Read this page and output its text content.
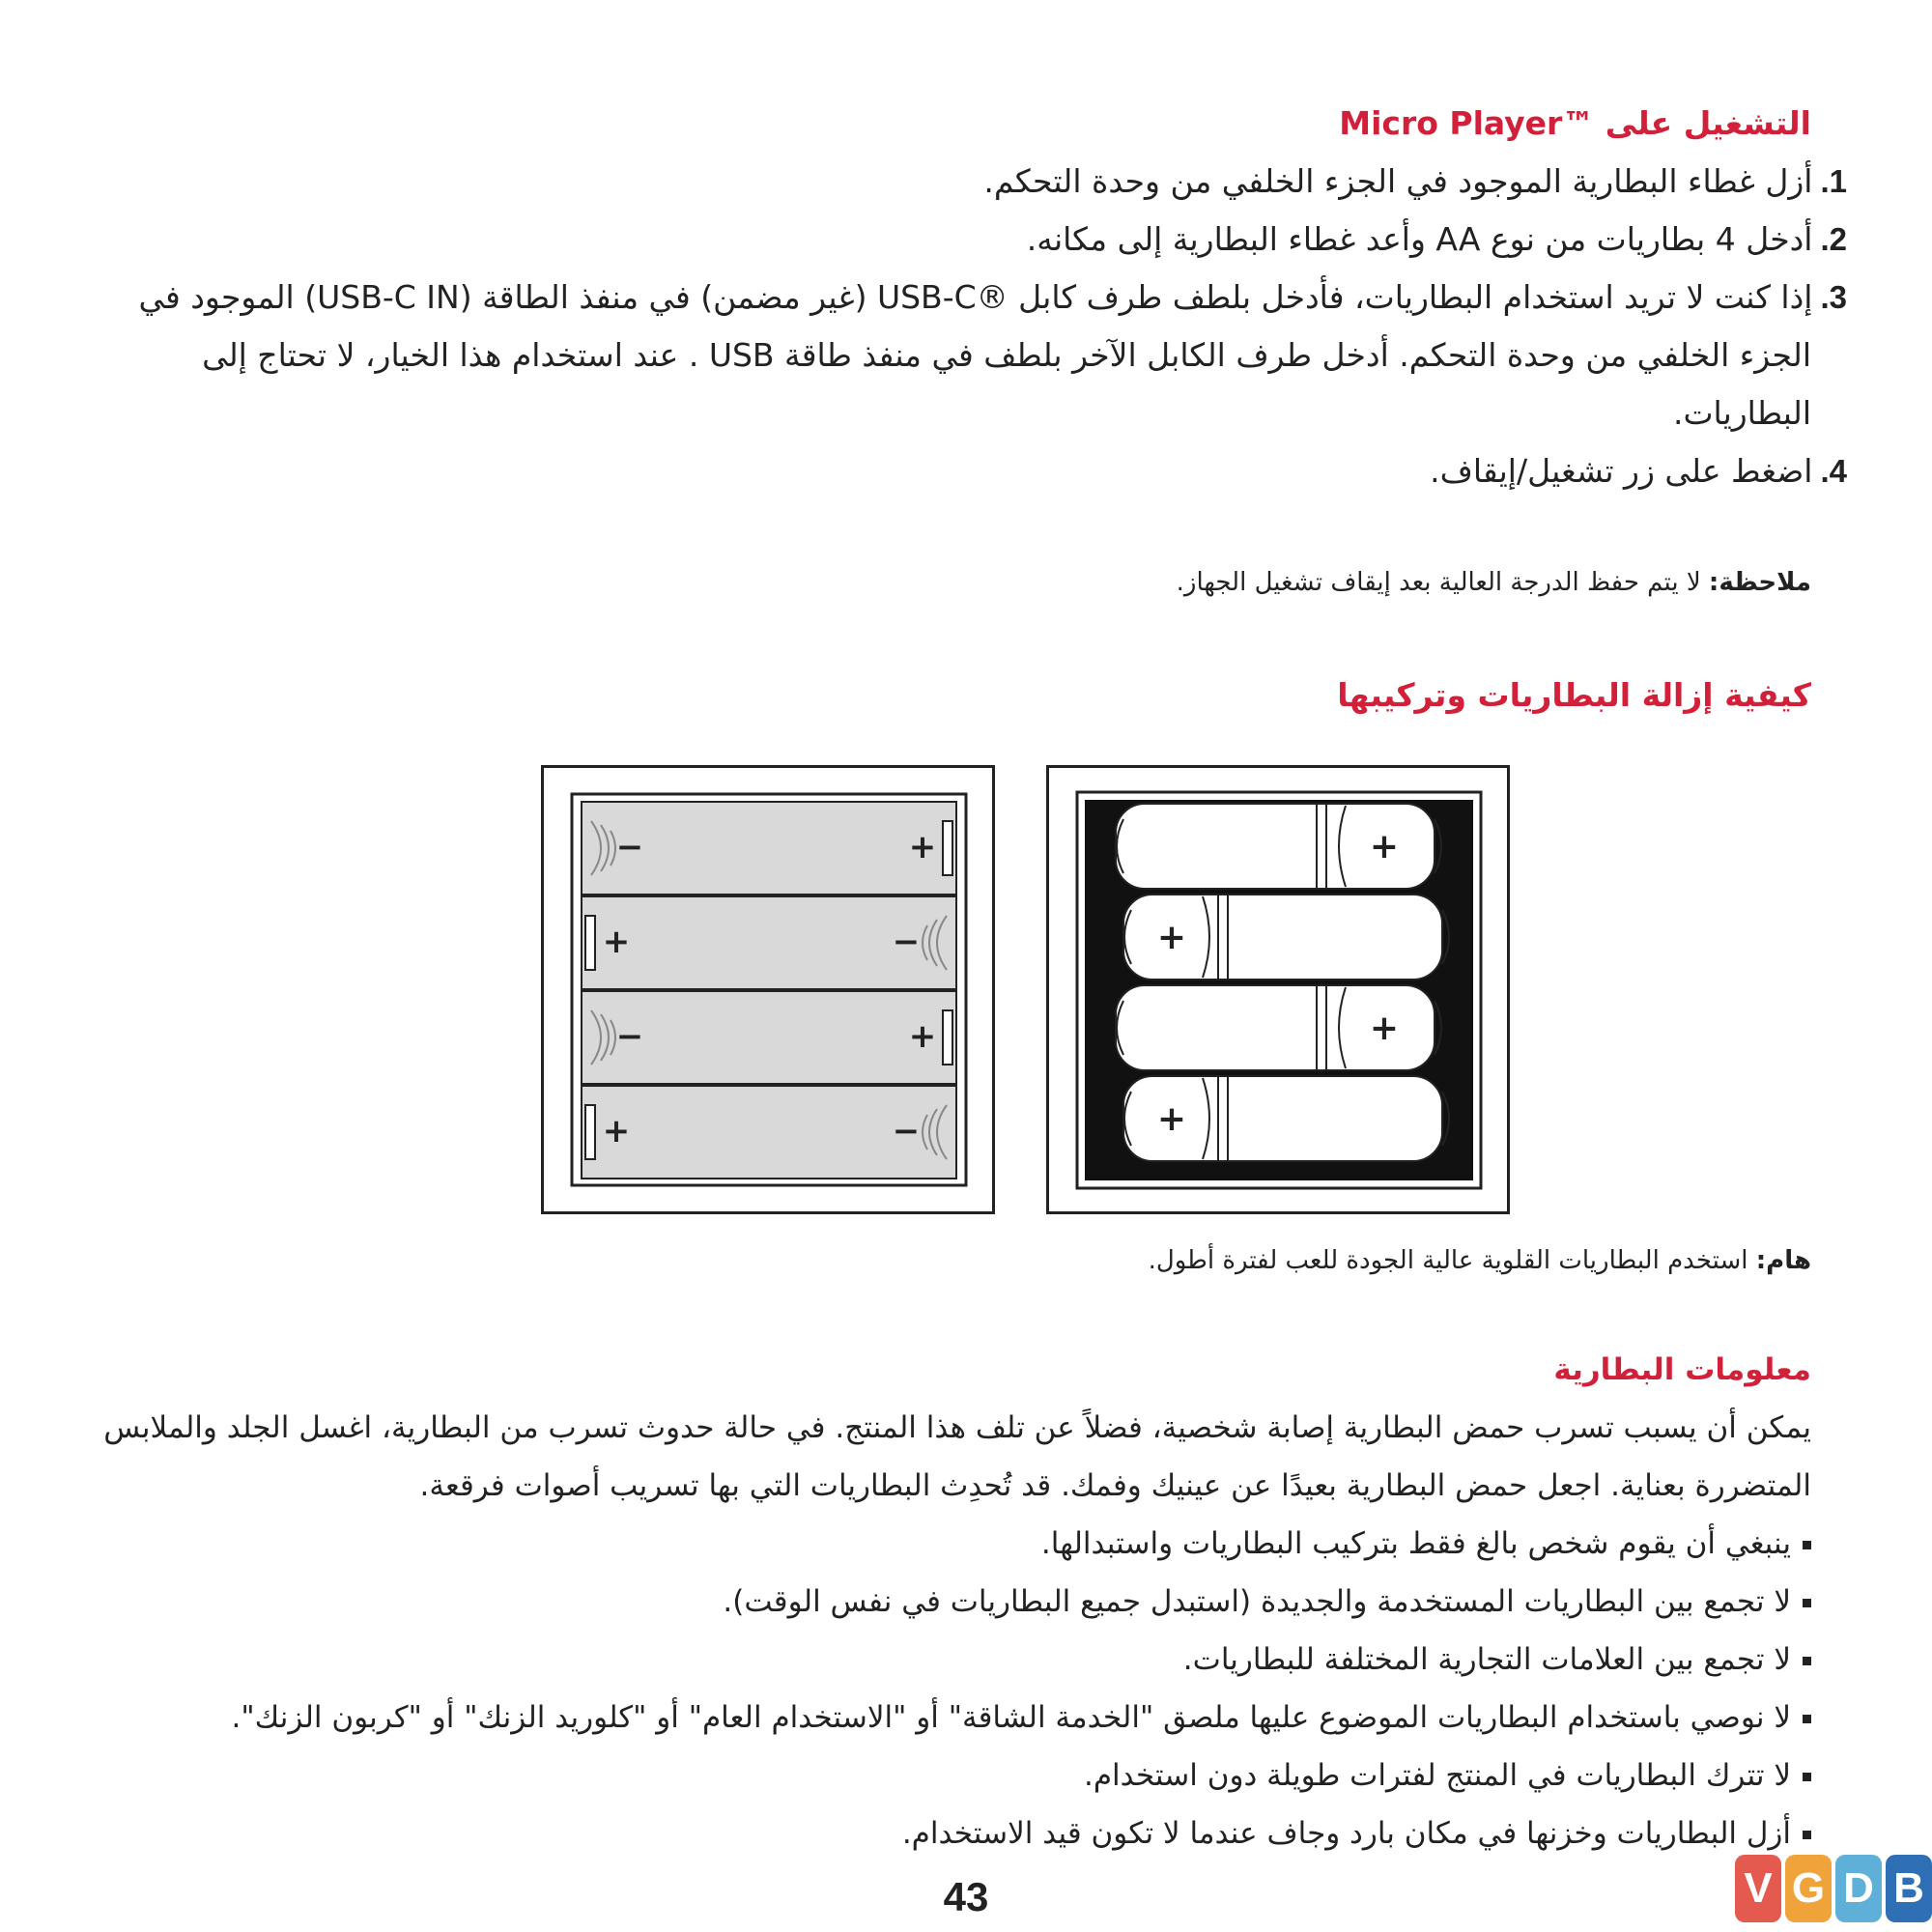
التشغيل على ™Micro Player
1.أزل غطاء البطارية الموجود في الجزء الخلفي من وحدة التحكم.
2.أدخل 4 بطاريات من نوع AA وأعد غطاء البطارية إلى مكانه.
3.إذا كنت لا تريد استخدام البطاريات، فأدخل بلطف طرف كابل ®USB-C (غير مضمن) في منفذ الطاقة (USB-C IN) الموجود في
الجزء الخلفي من وحدة التحكم. أدخل طرف الكابل الآخر بلطف في منفذ طاقة USB . عند استخدام هذا الخيار، لا تحتاج إلى
البطاريات.
4.اضغط على زر تشغيل/إيقاف.
ملاحظة: لا يتم حفظ الدرجة العالية بعد إيقاف تشغيل الجهاز.
كيفية إزالة البطاريات وتركيبها
−	+
+	−
−	+
+	−
+
+
+
+
هام: استخدم البطاريات القلوية عالية الجودة للعب لفترة أطول.
معلومات البطارية
يمكن أن يسبب تسرب حمض البطارية إصابة شخصية، فضلاً عن تلف هذا المنتج. في حالة حدوث تسرب من البطارية، اغسل الجلد والملابس
المتضررة بعناية. اجعل حمض البطارية بعيدًا عن عينيك وفمك. قد تُحدِث البطاريات التي بها تسريب أصوات فرقعة.
ينبغي أن يقوم شخص بالغ فقط بتركيب البطاريات واستبدالها.
لا تجمع بين البطاريات المستخدمة والجديدة (استبدل جميع البطاريات في نفس الوقت).
لا تجمع بين العلامات التجارية المختلفة للبطاريات.
لا نوصي باستخدام البطاريات الموضوع عليها ملصق "الخدمة الشاقة" أو "الاستخدام العام" أو "كلوريد الزنك" أو "كربون الزنك".
لا تترك البطاريات في المنتج لفترات طويلة دون استخدام.
أزل البطاريات وخزنها في مكان بارد وجاف عندما لا تكون قيد الاستخدام.
43	V G D B
